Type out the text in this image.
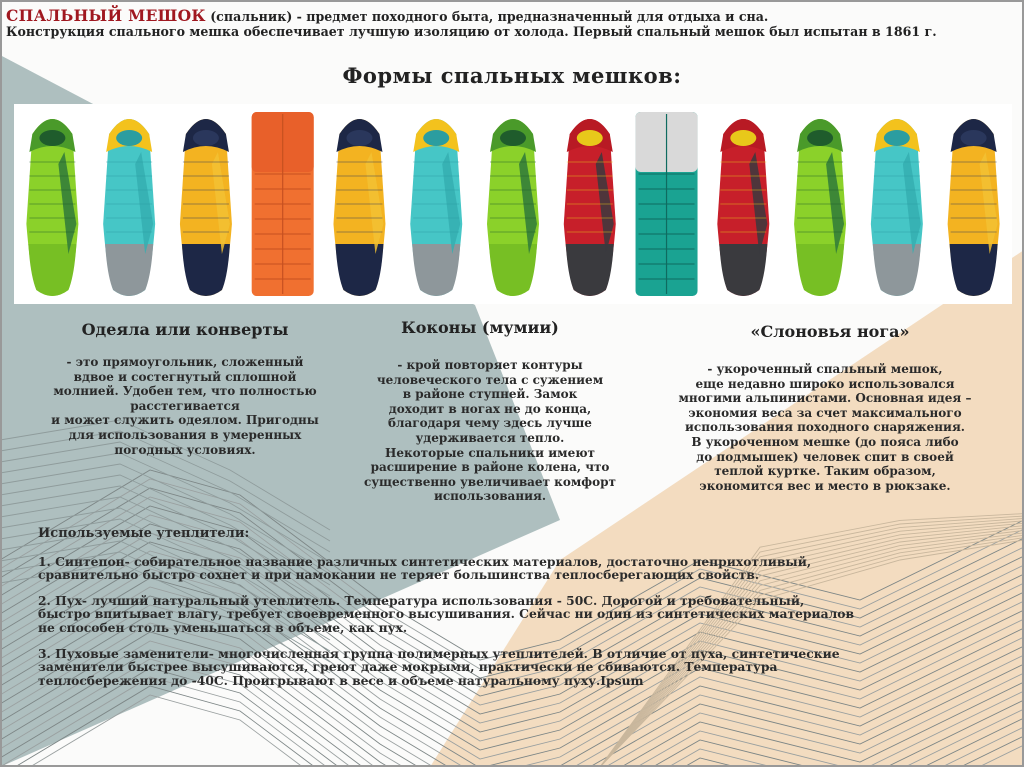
СПАЛЬНЫЙ МЕШОК (спальник) - предмет походного быта, предназначенный для отдыха и сна.
Конструкция спального мешка обеспечивает лучшую изоляцию от холода. Первый спальный мешок был испытан в 1861 г.
Формы спальных мешков:
Одеяла или конверты
- это прямоугольник, сложенный
вдвое и состегнутый сплошной
молнией. Удобен тем, что полностью
расстегивается
и может служить одеялом. Пригодны
для использования в умеренных
погодных условиях.
Коконы (мумии)
- крой повторяет контуры
человеческого тела с сужением
в районе ступней. Замок
доходит в ногах не до конца,
благодаря чему здесь лучше
удерживается тепло.
Некоторые спальники имеют
расширение в районе колена, что
существенно увеличивает комфорт
использования.
«Слоновья нога»
- укороченный спальный мешок,
еще недавно широко использовался
многими альпинистами. Основная идея –
экономия веса за счет максимального
использования походного снаряжения.
В укороченном мешке (до пояса либо
до подмышек) человек спит в своей
теплой куртке. Таким образом,
экономится вес и место в рюкзаке.
Используемые утеплители:

1. Синтепон- собирательное название различных синтетических материалов, достаточно неприхотливый,
сравнительно быстро сохнет и при намокании не теряет большинства теплосберегающих свойств.

2. Пух- лучший натуральный утеплитель. Температура использования - 50С. Дорогой и требовательный,
быстро впитывает влагу, требует своевременного высушивания. Сейчас ни один из синтетических материалов
не способен столь уменьшаться в объеме, как пух.

3. Пуховые заменители- многочисленная группа полимерных утеплителей. В отличие от пуха, синтетические
заменители быстрее высушиваются, греют даже мокрыми, практически не сбиваются. Температура
теплосбережения до -40С. Проигрывают в весе и объеме натуральному пуху.Ipsum
